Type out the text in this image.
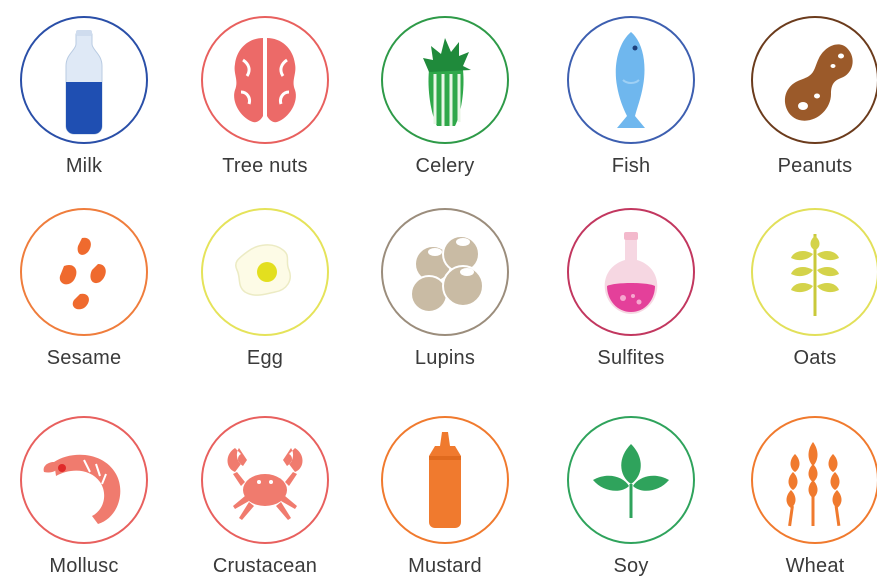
Milk	Tree nuts	Celery	Fish	Peanuts
Sesame	Egg	Lupins	Sulfites	Oats
Mollusc	Crustacean	Mustard	Soy	Wheat
